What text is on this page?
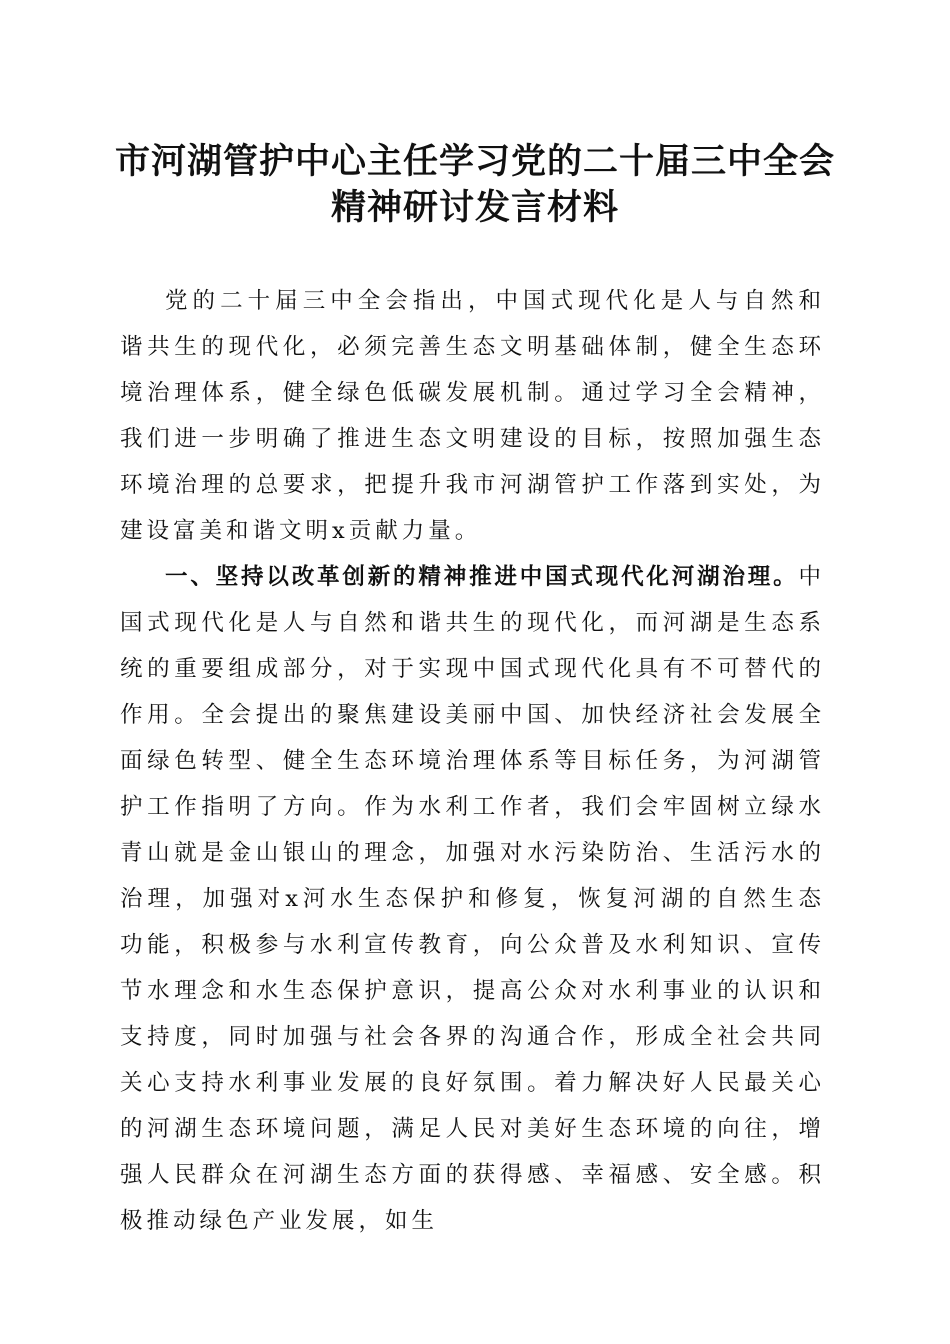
市河湖管护中心主任学习党的二十届三中全会
精神研讨发言材料

党的二十届三中全会指出，中国式现代化是人与自然和谐共生的现代化，必须完善生态文明基础体制，健全生态环境治理体系，健全绿色低碳发展机制。通过学习全会精神，我们进一步明确了推进生态文明建设的目标，按照加强生态环境治理的总要求，把提升我市河湖管护工作落到实处，为建设富美和谐文明x贡献力量。

一、坚持以改革创新的精神推进中国式现代化河湖治理。中国式现代化是人与自然和谐共生的现代化，而河湖是生态系统的重要组成部分，对于实现中国式现代化具有不可替代的作用。全会提出的聚焦建设美丽中国、加快经济社会发展全面绿色转型、健全生态环境治理体系等目标任务，为河湖管护工作指明了方向。作为水利工作者，我们会牢固树立绿水青山就是金山银山的理念，加强对水污染防治、生活污水的治理，加强对x河水生态保护和修复，恢复河湖的自然生态功能，积极参与水利宣传教育，向公众普及水利知识、宣传节水理念和水生态保护意识，提高公众对水利事业的认识和支持度，同时加强与社会各界的沟通合作，形成全社会共同关心支持水利事业发展的良好氛围。着力解决好人民最关心的河湖生态环境问题，满足人民对美好生态环境的向往，增强人民群众在河湖生态方面的获得感、幸福感、安全感。积极推动绿色产业发展，如生
